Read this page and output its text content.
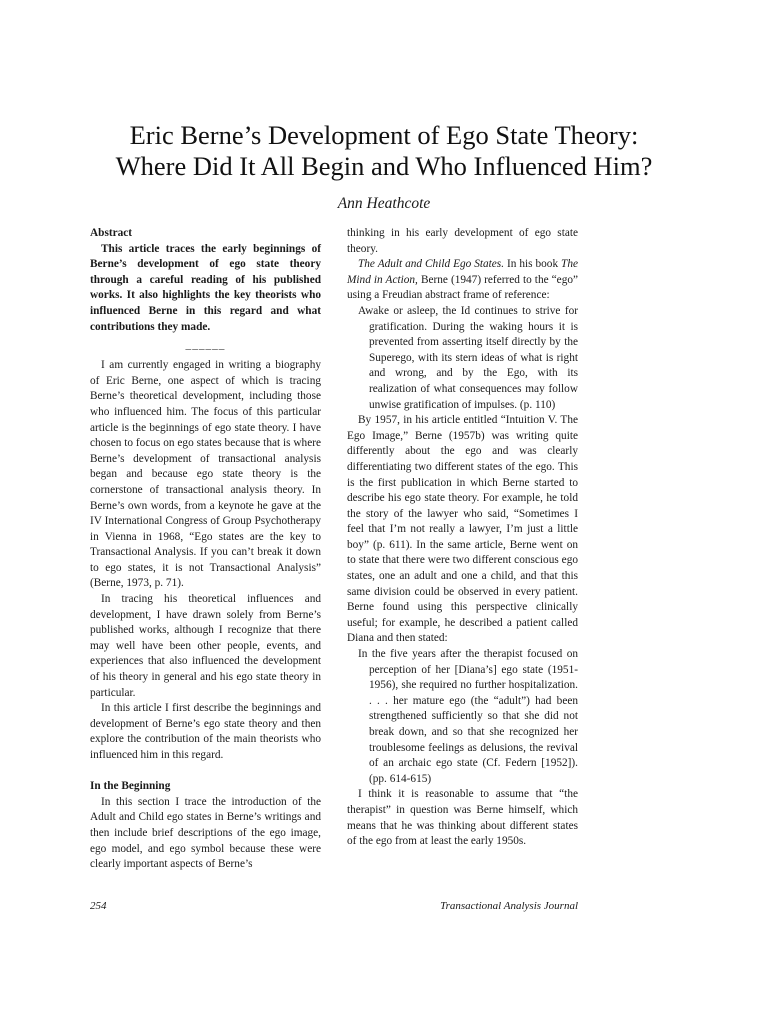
Eric Berne’s Development of Ego State Theory:
Where Did It All Begin and Who Influenced Him?
Ann Heathcote

Abstract

This article traces the early beginnings of Berne’s development of ego state theory through a careful reading of his published works. It also highlights the key theorists who influenced Berne in this regard and what contributions they made.

______

I am currently engaged in writing a biography of Eric Berne, one aspect of which is tracing Berne’s theoretical development, including those who influenced him. The focus of this particular article is the beginnings of ego state theory. I have chosen to focus on ego states because that is where Berne’s development of transactional analysis began and because ego state theory is the cornerstone of transactional analysis theory. In Berne’s own words, from a keynote he gave at the IV International Congress of Group Psychotherapy in Vienna in 1968, “Ego states are the key to Transactional Analysis. If you can’t break it down to ego states, it is not Transactional Analysis” (Berne, 1973, p. 71).

In tracing his theoretical influences and development, I have drawn solely from Berne’s published works, although I recognize that there may well have been other people, events, and experiences that also influenced the development of his theory in general and his ego state theory in particular.

In this article I first describe the beginnings and development of Berne’s ego state theory and then explore the contribution of the main theorists who influenced him in this regard.

In the Beginning

In this section I trace the introduction of the Adult and Child ego states in Berne’s writings and then include brief descriptions of the ego image, ego model, and ego symbol because these were clearly important aspects of Berne’s

thinking in his early development of ego state theory.

The Adult and Child Ego States. In his book The Mind in Action, Berne (1947) referred to the “ego” using a Freudian abstract frame of reference:

Awake or asleep, the Id continues to strive for gratification. During the waking hours it is prevented from asserting itself directly by the Superego, with its stern ideas of what is right and wrong, and by the Ego, with its realization of what consequences may follow unwise gratification of impulses. (p. 110)

By 1957, in his article entitled “Intuition V. The Ego Image,” Berne (1957b) was writing quite differently about the ego and was clearly differentiating two different states of the ego. This is the first publication in which Berne started to describe his ego state theory. For example, he told the story of the lawyer who said, “Sometimes I feel that I’m not really a lawyer, I’m just a little boy” (p. 611). In the same article, Berne went on to state that there were two different conscious ego states, one an adult and one a child, and that this same division could be observed in every patient. Berne found using this perspective clinically useful; for example, he described a patient called Diana and then stated:

In the five years after the therapist focused on perception of her [Diana’s] ego state (1951-1956), she required no further hospitalization. . . . her mature ego (the “adult”) had been strengthened sufficiently so that she did not break down, and so that she recognized her troublesome feelings as delusions, the revival of an archaic ego state (Cf. Federn [1952]). (pp. 614-615)

I think it is reasonable to assume that “the therapist” in question was Berne himself, which means that he was thinking about different states of the ego from at least the early 1950s.

254	Transactional Analysis Journal
